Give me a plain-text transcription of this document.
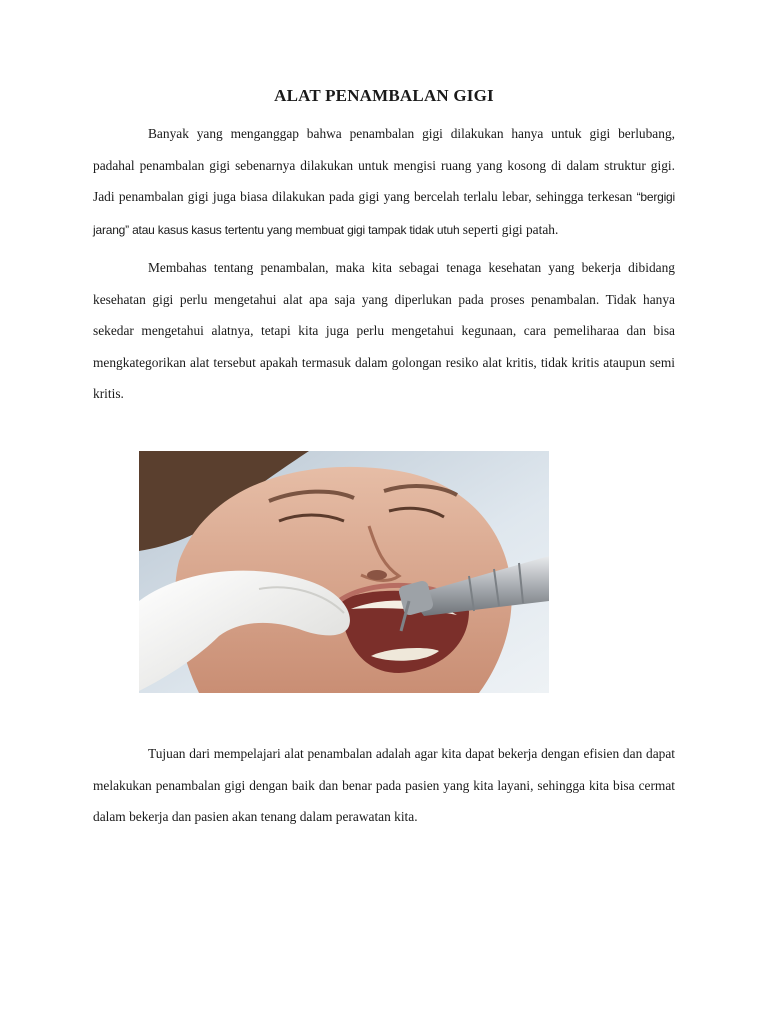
ALAT PENAMBALAN GIGI

Banyak yang menganggap bahwa penambalan gigi dilakukan hanya untuk gigi berlubang, padahal penambalan gigi sebenarnya dilakukan untuk mengisi ruang yang kosong di dalam struktur gigi. Jadi penambalan gigi juga biasa dilakukan pada gigi yang bercelah terlalu lebar, sehingga terkesan “bergigi jarang” atau kasus kasus tertentu yang membuat gigi tampak tidak utuh seperti gigi patah.

Membahas tentang penambalan, maka kita sebagai tenaga kesehatan yang bekerja dibidang kesehatan gigi perlu mengetahui alat apa saja yang diperlukan pada proses penambalan. Tidak hanya sekedar mengetahui alatnya, tetapi kita juga perlu mengetahui kegunaan, cara pemeliharaa dan bisa mengkategorikan alat tersebut apakah termasuk dalam golongan resiko alat kritis, tidak kritis ataupun semi kritis.

Tujuan dari mempelajari alat penambalan adalah agar kita dapat bekerja dengan efisien dan dapat melakukan penambalan gigi dengan baik dan benar pada pasien yang kita layani, sehingga kita bisa cermat dalam bekerja dan pasien akan tenang dalam perawatan kita.
